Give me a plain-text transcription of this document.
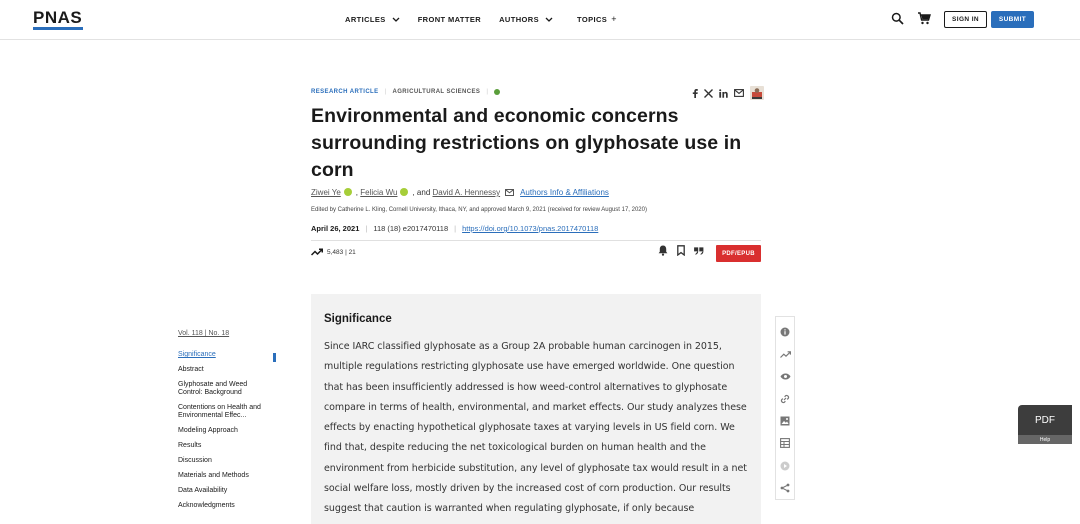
PNAS	ARTICLES	FRONT MATTER AUTHORS	TOPICS +	SIGN IN	SUBMIT
RESEARCH ARTICLE | AGRICULTURAL SCIENCES |
Environmental and economic concerns surrounding restrictions on glyphosate use in corn
Ziwei Ye ,
Felicia Wu , and
David A. Hennessy	Authors Info & Affiliations
Edited by Catherine L. Kling, Cornell University, Ithaca, NY, and approved March 9, 2021 (received for review August 17, 2020)
April 26, 2021 | 118 (18) e2017470118 | https://doi.org/10.1073/pnas.2017470118
5,483 | 21	PDF/EPUB
Vol. 118 | No. 18
Significance
Abstract
Glyphosate and Weed Control: Background
Contentions on Health and Environmental Effec...
Modeling Approach
Results
Discussion
Materials and Methods
Data Availability
Acknowledgments
Significance

Since IARC classified glyphosate as a Group 2A probable human carcinogen in 2015, multiple regulations restricting glyphosate use have emerged worldwide. One question that has been insufficiently addressed is how weed-control alternatives to glyphosate compare in terms of health, environmental, and market effects. Our study analyzes these effects by enacting hypothetical glyphosate taxes at varying levels in US field corn. We find that, despite reducing the net toxicological burden on human health and the environment from herbicide substitution, any level of glyphosate tax would result in a net social welfare loss, mostly driven by the increased cost of corn production. Our results suggest that caution is warranted when regulating glyphosate, if only because

PDF
Help
